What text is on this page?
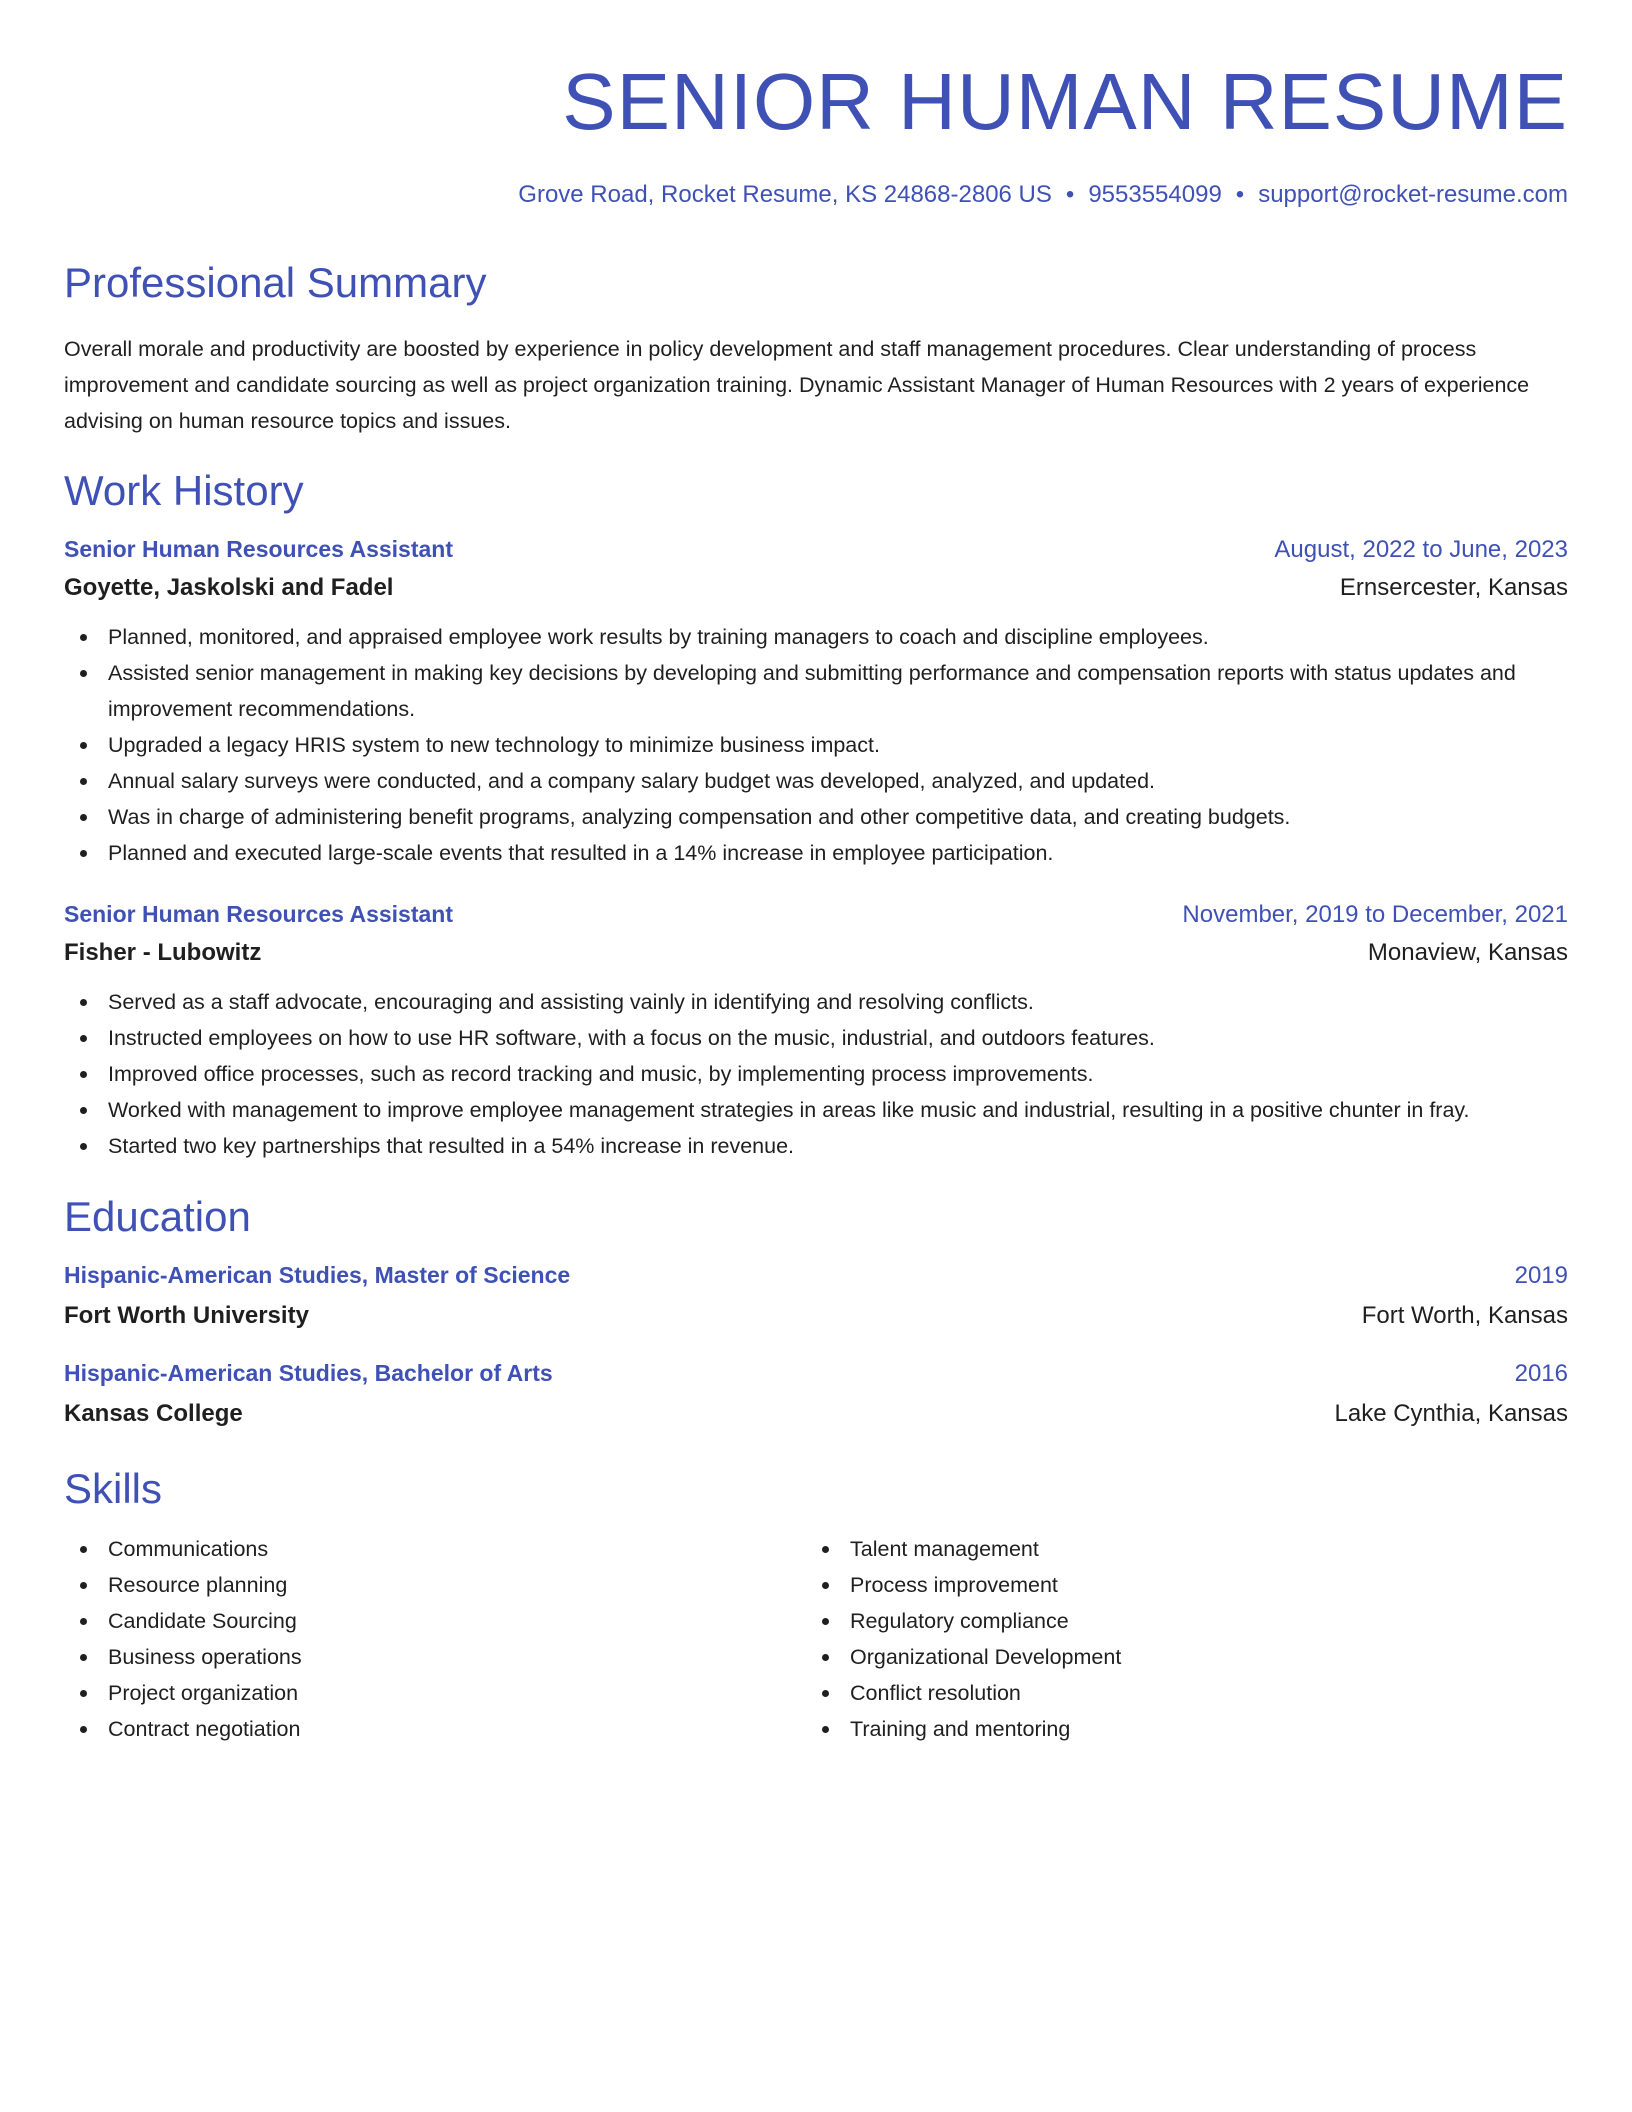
SENIOR HUMAN RESUME
Grove Road, Rocket Resume, KS 24868-2806 US • 9553554099 • support@rocket-resume.com
Professional Summary

Overall morale and productivity are boosted by experience in policy development and staff management procedures. Clear understanding of process improvement and candidate sourcing as well as project organization training. Dynamic Assistant Manager of Human Resources with 2 years of experience advising on human resource topics and issues.

Work History
Senior Human Resources Assistant	August, 2022 to June, 2023
Goyette, Jaskolski and Fadel	Ernsercester, Kansas
Planned, monitored, and appraised employee work results by training managers to coach and discipline employees.
Assisted senior management in making key decisions by developing and submitting performance and compensation reports with status updates and improvement recommendations.
Upgraded a legacy HRIS system to new technology to minimize business impact.
Annual salary surveys were conducted, and a company salary budget was developed, analyzed, and updated.
Was in charge of administering benefit programs, analyzing compensation and other competitive data, and creating budgets.
Planned and executed large-scale events that resulted in a 14% increase in employee participation.
Senior Human Resources Assistant	November, 2019 to December, 2021
Fisher - Lubowitz	Monaview, Kansas
Served as a staff advocate, encouraging and assisting vainly in identifying and resolving conflicts.
Instructed employees on how to use HR software, with a focus on the music, industrial, and outdoors features.
Improved office processes, such as record tracking and music, by implementing process improvements.
Worked with management to improve employee management strategies in areas like music and industrial, resulting in a positive chunter in fray.
Started two key partnerships that resulted in a 54% increase in revenue.
Education
Hispanic-American Studies, Master of Science	2019
Fort Worth University	Fort Worth, Kansas
Hispanic-American Studies, Bachelor of Arts	2016
Kansas College	Lake Cynthia, Kansas
Skills
Communications
Resource planning
Candidate Sourcing
Business operations
Project organization
Contract negotiation
Talent management
Process improvement
Regulatory compliance
Organizational Development
Conflict resolution
Training and mentoring
